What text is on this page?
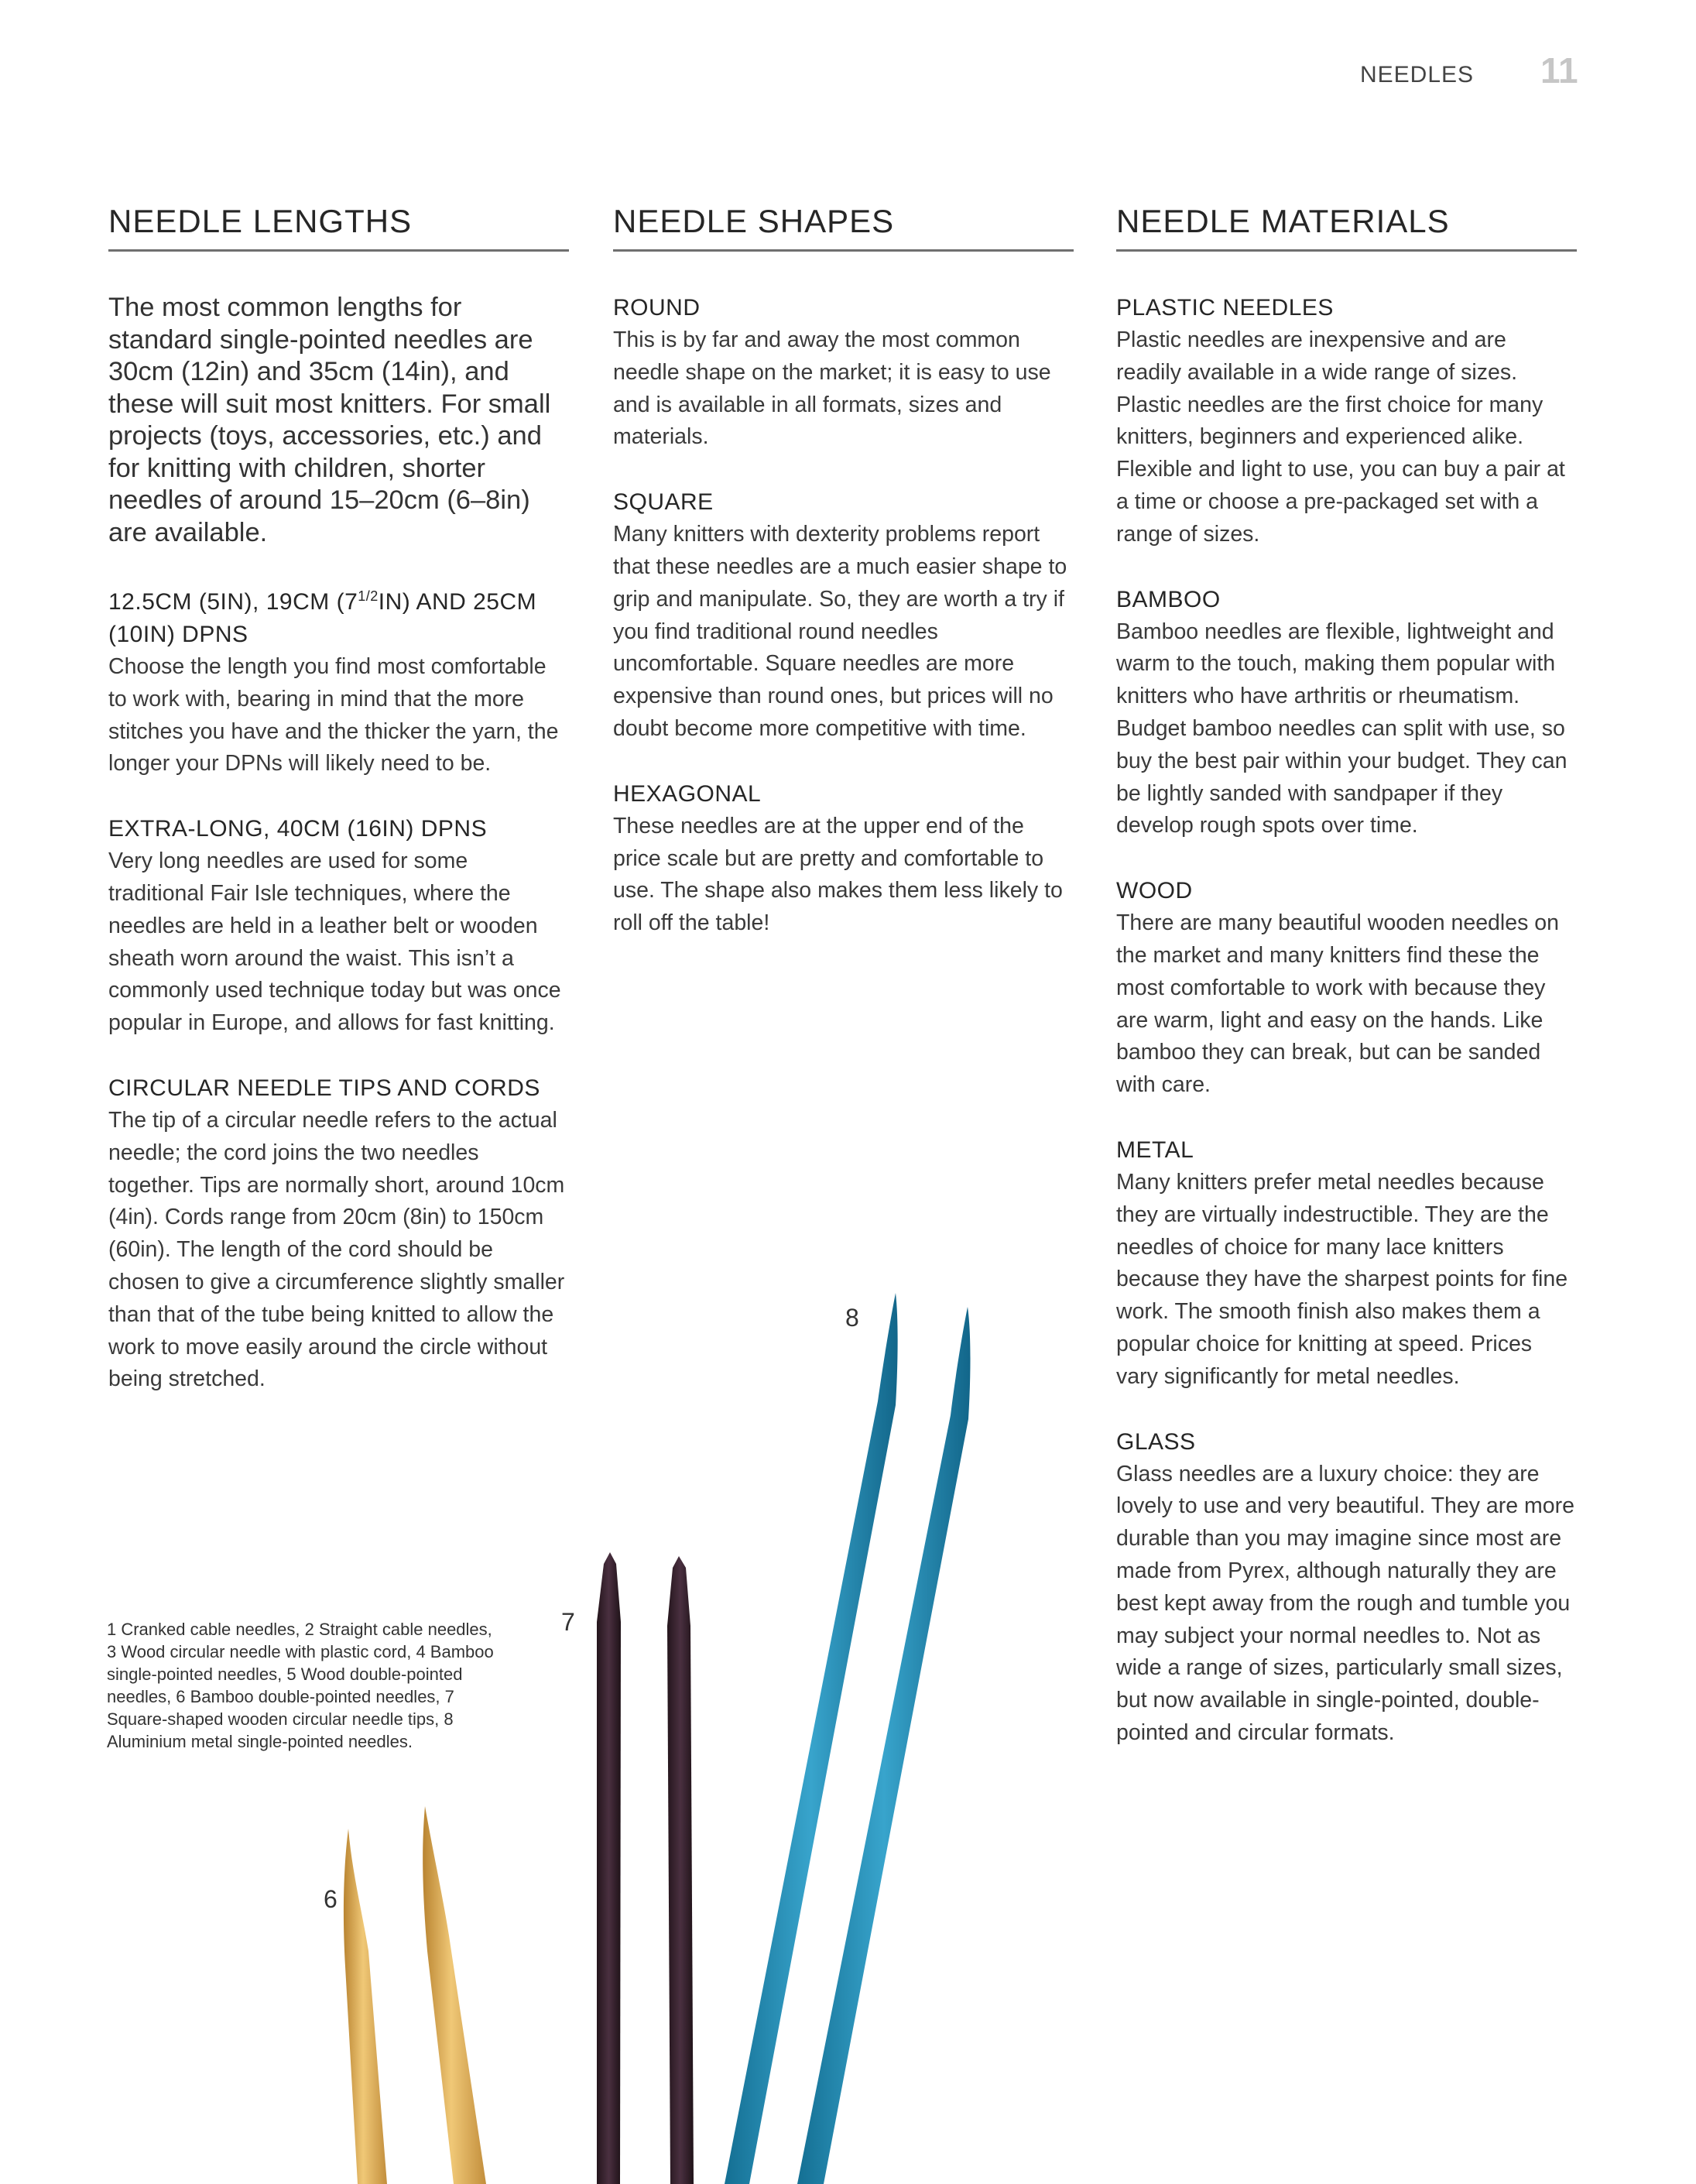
NEEDLES 11
NEEDLE LENGTHS

The most common lengths for standard single-pointed needles are 30cm (12in) and 35cm (14in), and these will suit most knitters. For small projects (toys, accessories, etc.) and for knitting with children, shorter needles of around 15–20cm (6–8in) are available.

12.5CM (5IN), 19CM $(7^{1/2}IN)$ AND 25CM (10IN) DPNS

Choose the length you find most comfortable to work with, bearing in mind that the more stitches you have and the thicker the yarn, the longer your DPNs will likely need to be.

EXTRA-LONG, 40CM (16IN) DPNS

Very long needles are used for some traditional Fair Isle techniques, where the needles are held in a leather belt or wooden sheath worn around the waist. This isn’t a commonly used technique today but was once popular in Europe, and allows for fast knitting.

CIRCULAR NEEDLE TIPS AND CORDS

The tip of a circular needle refers to the actual needle; the cord joins the two needles together. Tips are normally short, around 10cm (4in). Cords range from 20cm (8in) to 150cm (60in). The length of the cord should be chosen to give a circumference slightly smaller than that of the tube being knitted to allow the work to move easily around the circle without being stretched.

NEEDLE SHAPES
ROUND

This is by far and away the most common needle shape on the market; it is easy to use and is available in all formats, sizes and materials.

SQUARE

Many knitters with dexterity problems report that these needles are a much easier shape to grip and manipulate. So, they are worth a try if you find traditional round needles uncomfortable. Square needles are more expensive than round ones, but prices will no doubt become more competitive with time.

HEXAGONAL

These needles are at the upper end of the price scale but are pretty and comfortable to use. The shape also makes them less likely to roll off the table!

NEEDLE MATERIALS
PLASTIC NEEDLES

Plastic needles are inexpensive and are readily available in a wide range of sizes. Plastic needles are the first choice for many knitters, beginners and experienced alike. Flexible and light to use, you can buy a pair at a time or choose a pre-packaged set with a range of sizes.

BAMBOO

Bamboo needles are flexible, lightweight and warm to the touch, making them popular with knitters who have arthritis or rheumatism. Budget bamboo needles can split with use, so buy the best pair within your budget. They can be lightly sanded with sandpaper if they develop rough spots over time.

WOOD

There are many beautiful wooden needles on the market and many knitters find these the most comfortable to work with because they are warm, light and easy on the hands. Like bamboo they can break, but can be sanded with care.

METAL

Many knitters prefer metal needles because they are virtually indestructible. They are the needles of choice for many lace knitters because they have the sharpest points for fine work. The smooth finish also makes them a popular choice for knitting at speed. Prices vary significantly for metal needles.

GLASS

Glass needles are a luxury choice: they are lovely to use and very beautiful. They are more durable than you may imagine since most are made from Pyrex, although naturally they are best kept away from the rough and tumble you may subject your normal needles to. Not as wide a range of sizes, particularly small sizes, but now available in single-pointed, double-pointed and circular formats.

1 Cranked cable needles, 2 Straight cable needles, 3 Wood circular needle with plastic cord, 4 Bamboo single-pointed needles, 5 Wood double-pointed needles, 6 Bamboo double-pointed needles, 7 Square-shaped wooden circular needle tips, 8 Aluminium metal single-pointed needles.
6
7
8
